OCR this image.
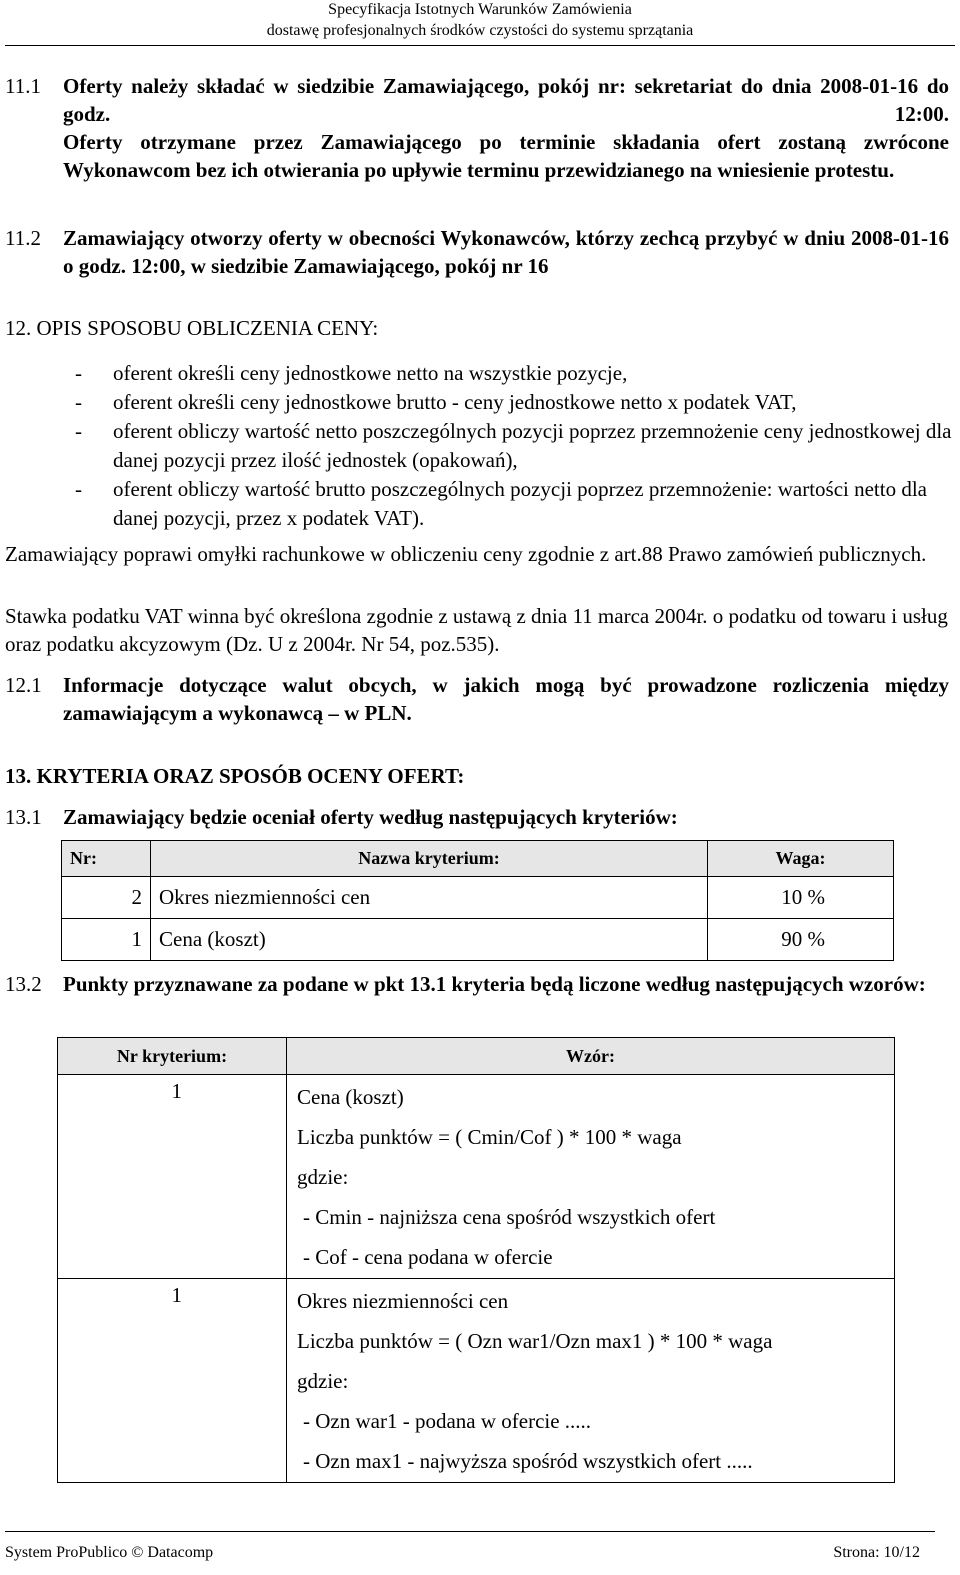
Specyfikacja Istotnych Warunków Zamówienia
dostawę profesjonalnych środków czystości do systemu sprzątania
11.1 Oferty należy składać w siedzibie Zamawiającego, pokój nr: sekretariat do dnia 2008-01-16 do godz. 12:00.

Oferty otrzymane przez Zamawiającego po terminie składania ofert zostaną zwrócone Wykonawcom bez ich otwierania po upływie terminu przewidzianego na wniesienie protestu.

11.2 Zamawiający otworzy oferty w obecności Wykonawców, którzy zechcą przybyć w dniu 2008-01-16 o godz. 12:00, w siedzibie Zamawiającego, pokój nr 16
12. OPIS SPOSOBU OBLICZENIA CENY:
- oferent określi ceny jednostkowe netto na wszystkie pozycje,
- oferent określi ceny jednostkowe brutto - ceny jednostkowe netto x podatek VAT,
- oferent obliczy wartość netto poszczególnych pozycji poprzez przemnożenie ceny jednostkowej dla danej pozycji przez ilość jednostek (opakowań),
- oferent obliczy wartość brutto poszczególnych pozycji poprzez przemnożenie: wartości netto dla danej pozycji, przez x podatek VAT).
Zamawiający poprawi omyłki rachunkowe w obliczeniu ceny zgodnie z art.88 Prawo zamówień publicznych.
Stawka podatku VAT winna być określona zgodnie z ustawą z dnia 11 marca 2004r. o podatku od towaru i usług oraz podatku akcyzowym (Dz. U z 2004r. Nr 54, poz.535).
12.1 Informacje dotyczące walut obcych, w jakich mogą być prowadzone rozliczenia między zamawiającym a wykonawcą – w PLN.
13. KRYTERIA ORAZ SPOSÓB OCENY OFERT:
13.1 Zamawiający będzie oceniał oferty według następujących kryteriów:
Nr:	Nazwa kryterium:	Waga:
2	Okres niezmienności cen	10 %
1	Cena (koszt)	90 %
13.2 Punkty przyznawane za podane w pkt 13.1 kryteria będą liczone według następujących wzorów:
Nr kryterium:	Wzór:
1	Cena (koszt)
Liczba punktów = ( Cmin/Cof ) * 100 * waga
gdzie:
- Cmin - najniższa cena spośród wszystkich ofert
- Cof - cena podana w ofercie

1	Okres niezmienności cen
Liczba punktów = ( Ozn war1/Ozn max1 ) * 100 * waga
gdzie:
- Ozn war1 - podana w ofercie .....
- Ozn max1 - najwyższa spośród wszystkich ofert .....
System ProPublico © Datacomp	Strona: 10/12
